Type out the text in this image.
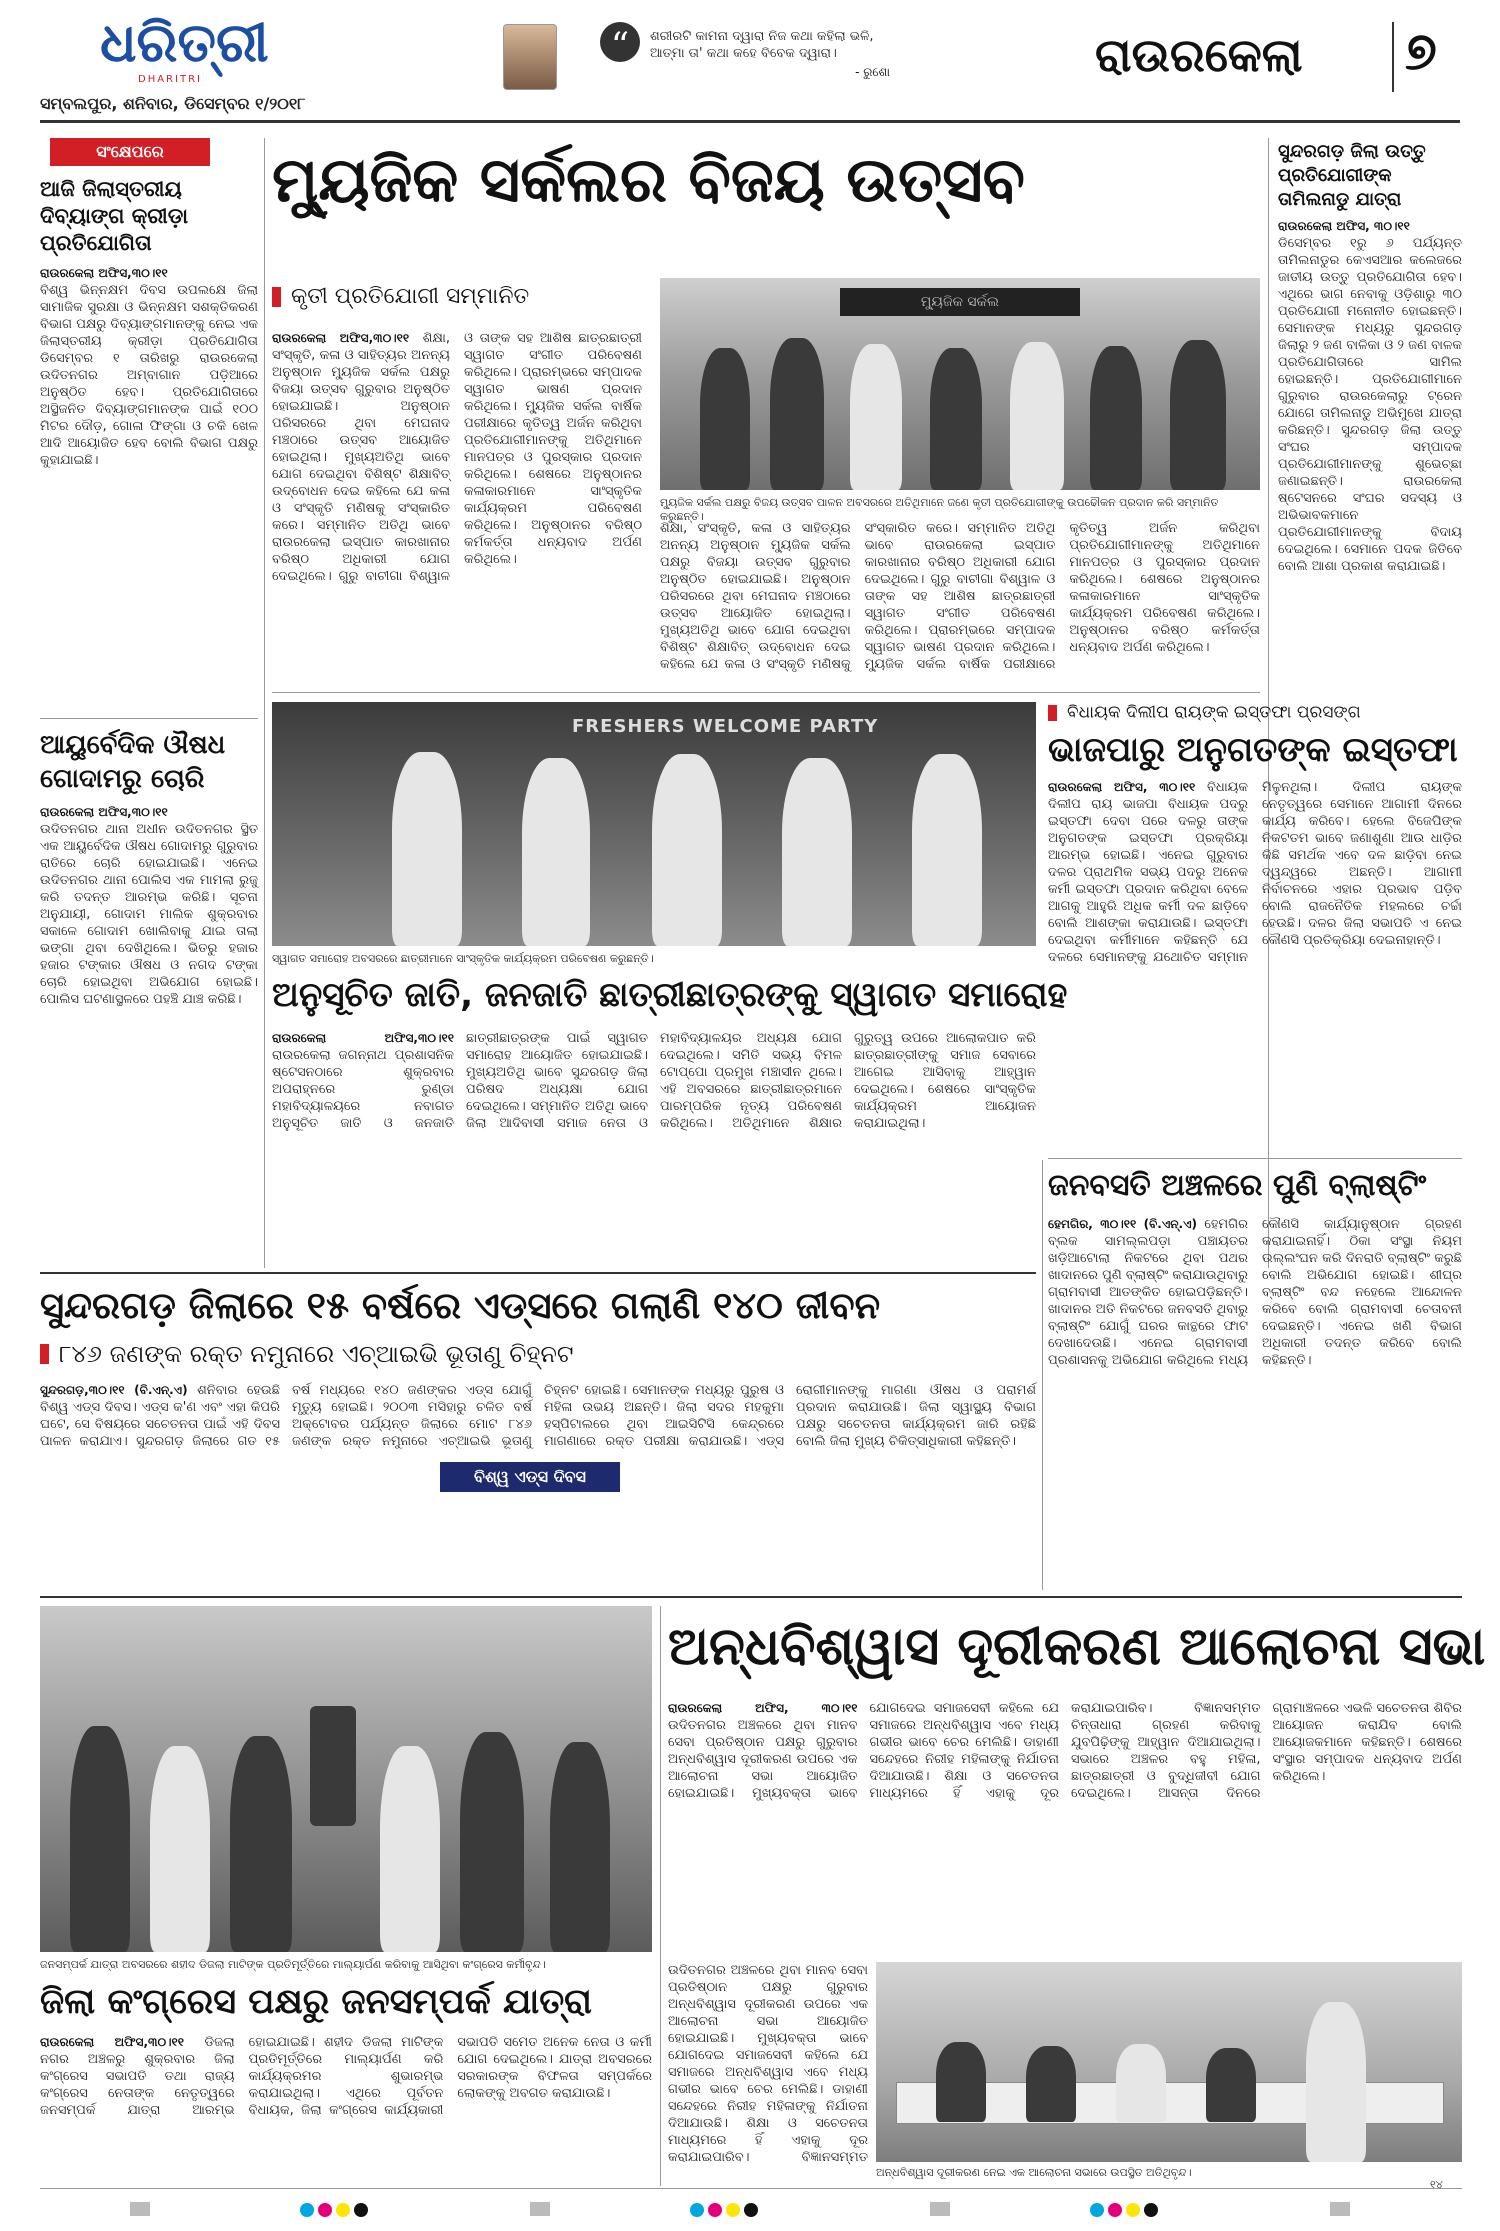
ଧରିତ୍ରୀ
DHARITRI
ସମ୍ବଲପୁର, ଶନିବାର, ଡିସେମ୍ବର ୧/୨୦୧୮
“	ଶରୀରଟି କାମନା ଦ୍ୱାରା ନିଜ କଥା କହିଲା ଭଳି, ଆତ୍ମା ତା' କଥା କହେ ବିବେକ ଦ୍ୱାରା।
- ରୁଶୋ	ରାଉରକେଲା ୭
ସଂକ୍ଷେପରେ
ଆଜି ଜିଲାସ୍ତରୀୟ ଦିବ୍ୟାଙ୍ଗ କ୍ରୀଡ଼ା ପ୍ରତିଯୋଗିତା
ରାଉରକେଲା ଅଫିସ,୩୦।୧୧
ବିଶ୍ୱ ଭିନ୍ନକ୍ଷମ ଦିବସ ଉପଲକ୍ଷେ ଜିଲା ସାମାଜିକ ସୁରକ୍ଷା ଓ ଭିନ୍ନକ୍ଷମ ସଶକ୍ତିକରଣ ବିଭାଗ ପକ୍ଷରୁ ଦିବ୍ୟାଙ୍ଗମାନଙ୍କୁ ନେଇ ଏକ ଜିଲାସ୍ତରୀୟ କ୍ରୀଡ଼ା ପ୍ରତିଯୋଗିତା ଡିସେମ୍ବର ୧ ତାରିଖରୁ ରାଉରକେଲା ଉଦିତନଗର ଅମ୍ବାଗାନ ପଡ଼ିଆରେ ଅନୁଷ୍ଠିତ ହେବ। ପ୍ରତିଯୋଗିତାରେ ଅସ୍ଥିଜନିତ ଦିବ୍ୟାଙ୍ଗମାନଙ୍କ ପାଇଁ ୧୦୦ ମିଟର ଦୌଡ଼, ଗୋଳା ଫିଙ୍ଗା ଓ ଚକି ଖେଳ ଆଦି ଆୟୋଜିତ ହେବ ବୋଲି ବିଭାଗ ପକ୍ଷରୁ କୁହାଯାଇଛି।
ଆୟୁର୍ବେଦିକ ଔଷଧ ଗୋଦାମରୁ ଚୋରି
ରାଉରକେଲା ଅଫିସ,୩୦।୧୧
ଉଦିତନଗର ଥାନା ଅଧୀନ ଉଦିତନଗର ସ୍ଥିତ ଏକ ଆୟୁର୍ବେଦିକ ଔଷଧ ଗୋଦାମରୁ ଗୁରୁବାର ରାତିରେ ଚୋରି ହୋଇଯାଇଛି। ଏନେଇ ଉଦିତନଗର ଥାନା ପୋଲିସ ଏକ ମାମଲା ରୁଜୁ କରି ତଦନ୍ତ ଆରମ୍ଭ କରିଛି। ସୂଚନା ଅନୁଯାୟୀ, ଗୋଦାମ ମାଲିକ ଶୁକ୍ରବାର ସକାଳେ ଗୋଦାମ ଖୋଲିବାକୁ ଯାଇ ତାଲା ଭଙ୍ଗା ଥିବା ଦେଖିଥିଲେ। ଭିତରୁ ହଜାର ହଜାର ଟଙ୍କାର ଔଷଧ ଓ ନଗଦ ଟଙ୍କା ଚୋରି ହୋଇଥିବା ଅଭିଯୋଗ ହୋଇଛି। ପୋଲିସ ଘଟଣାସ୍ଥଳରେ ପହଞ୍ଚି ଯାଞ୍ଚ କରିଛି।
ମ୍ୟୁଜିକ ସର୍କଲର ବିଜୟ ଉତ୍ସବ
କୃତୀ ପ୍ରତିଯୋଗୀ ସମ୍ମାନିତ
ରାଉରକେଲା ଅଫିସ,୩୦।୧୧ ଶିକ୍ଷା, ସଂସ୍କୃତି, କଳା ଓ ସାହିତ୍ୟର ଅନନ୍ୟ ଅନୁଷ୍ଠାନ ମ୍ୟୁଜିକ ସର୍କଲ ପକ୍ଷରୁ ବିଜୟା ଉତ୍ସବ ଗୁରୁବାର ଅନୁଷ୍ଠିତ ହୋଇଯାଇଛି। ଅନୁଷ୍ଠାନ ପରିସରରେ ଥିବା ମେଘନାଦ ମଞ୍ଚଠାରେ ଉତ୍ସବ ଆୟୋଜିତ ହୋଇଥିଲା। ମୁଖ୍ୟଅତିଥି ଭାବେ ଯୋଗ ଦେଇଥିବା ବିଶିଷ୍ଟ ଶିକ୍ଷାବିତ୍ ଉଦ୍ବୋଧନ ଦେଇ କହିଲେ ଯେ କଳା ଓ ସଂସ୍କୃତି ମଣିଷକୁ ସଂସ୍କାରିତ କରେ। ସମ୍ମାନିତ ଅତିଥି ଭାବେ ରାଉରକେଲା ଇସ୍ପାତ କାରଖାନାର ବରିଷ୍ଠ ଅଧିକାରୀ ଯୋଗ ଦେଇଥିଲେ। ଗୁରୁ ବାଚୀଗା ବିଶ୍ୱାଳ ଓ ତାଙ୍କ ସହ ଆଶିଷ ଛାତ୍ରଛାତ୍ରୀ ସ୍ୱାଗତ ସଂଗୀତ ପରିବେଷଣ କରିଥିଲେ। ପ୍ରାରମ୍ଭରେ ସମ୍ପାଦକ ସ୍ୱାଗତ ଭାଷଣ ପ୍ରଦାନ କରିଥିଲେ। ମ୍ୟୁଜିକ ସର୍କଲ ବାର୍ଷିକ ପରୀକ୍ଷାରେ କୃତିତ୍ୱ ଅର୍ଜନ କରିଥିବା ପ୍ରତିଯୋଗୀମାନଙ୍କୁ ଅତିଥିମାନେ ମାନପତ୍ର ଓ ପୁରସ୍କାର ପ୍ରଦାନ କରିଥିଲେ। ଶେଷରେ ଅନୁଷ୍ଠାନର କଳାକାରମାନେ ସାଂସ୍କୃତିକ କାର୍ଯ୍ୟକ୍ରମ ପରିବେଷଣ କରିଥିଲେ। ଅନୁଷ୍ଠାନର ବରିଷ୍ଠ କର୍ମକର୍ତ୍ତା ଧନ୍ୟବାଦ ଅର୍ପଣ କରିଥିଲେ।
ମ୍ୟୁଜିକ ସର୍କଲ
ମ୍ୟୁଜିକ ସର୍କଲ ପକ୍ଷରୁ ବିଜୟ ଉତ୍ସବ ପାଳନ ଅବସରରେ ଅତିଥିମାନେ ଜଣେ କୃତୀ ପ୍ରତିଯୋଗୀଙ୍କୁ ଉପଢୌକନ ପ୍ରଦାନ କରି ସମ୍ମାନିତ କରୁଛନ୍ତି।
ଶିକ୍ଷା, ସଂସ୍କୃତି, କଳା ଓ ସାହିତ୍ୟର ଅନନ୍ୟ ଅନୁଷ୍ଠାନ ମ୍ୟୁଜିକ ସର୍କଲ ପକ୍ଷରୁ ବିଜୟା ଉତ୍ସବ ଗୁରୁବାର ଅନୁଷ୍ଠିତ ହୋଇଯାଇଛି। ଅନୁଷ୍ଠାନ ପରିସରରେ ଥିବା ମେଘନାଦ ମଞ୍ଚଠାରେ ଉତ୍ସବ ଆୟୋଜିତ ହୋଇଥିଲା। ମୁଖ୍ୟଅତିଥି ଭାବେ ଯୋଗ ଦେଇଥିବା ବିଶିଷ୍ଟ ଶିକ୍ଷାବିତ୍ ଉଦ୍ବୋଧନ ଦେଇ କହିଲେ ଯେ କଳା ଓ ସଂସ୍କୃତି ମଣିଷକୁ ସଂସ୍କାରିତ କରେ। ସମ୍ମାନିତ ଅତିଥି ଭାବେ ରାଉରକେଲା ଇସ୍ପାତ କାରଖାନାର ବରିଷ୍ଠ ଅଧିକାରୀ ଯୋଗ ଦେଇଥିଲେ। ଗୁରୁ ବାଚୀଗା ବିଶ୍ୱାଳ ଓ ତାଙ୍କ ସହ ଆଶିଷ ଛାତ୍ରଛାତ୍ରୀ ସ୍ୱାଗତ ସଂଗୀତ ପରିବେଷଣ କରିଥିଲେ। ପ୍ରାରମ୍ଭରେ ସମ୍ପାଦକ ସ୍ୱାଗତ ଭାଷଣ ପ୍ରଦାନ କରିଥିଲେ। ମ୍ୟୁଜିକ ସର୍କଲ ବାର୍ଷିକ ପରୀକ୍ଷାରେ କୃତିତ୍ୱ ଅର୍ଜନ କରିଥିବା ପ୍ରତିଯୋଗୀମାନଙ୍କୁ ଅତିଥିମାନେ ମାନପତ୍ର ଓ ପୁରସ୍କାର ପ୍ରଦାନ କରିଥିଲେ। ଶେଷରେ ଅନୁଷ୍ଠାନର କଳାକାରମାନେ ସାଂସ୍କୃତିକ କାର୍ଯ୍ୟକ୍ରମ ପରିବେଷଣ କରିଥିଲେ। ଅନୁଷ୍ଠାନର ବରିଷ୍ଠ କର୍ମକର୍ତ୍ତା ଧନ୍ୟବାଦ ଅର୍ପଣ କରିଥିଲେ।
ସୁନ୍ଦରଗଡ଼ ଜିଲା ଉତ୍ତୁ ପ୍ରତିଯୋଗୀଙ୍କ ତାମିଲନାଡୁ ଯାତ୍ରା
ରାଉରକେଲା ଅଫିସ, ୩୦।୧୧
ଡିସେମ୍ବର ୧ରୁ ୬ ପର୍ଯ୍ୟନ୍ତ ତାମିଲନାଡୁର କେଏସଆର କଲେଜରେ ଜାତୀୟ ଉତ୍ତୁ ପ୍ରତିଯୋଗିତା ହେବ। ଏଥିରେ ଭାଗ ନେବାକୁ ଓଡ଼ିଶାରୁ ୩୦ ପ୍ରତିଯୋଗୀ ମନୋନୀତ ହୋଇଛନ୍ତି। ସେମାନଙ୍କ ମଧ୍ୟରୁ ସୁନ୍ଦରଗଡ଼ ଜିଲାରୁ ୨ ଜଣ ବାଳିକା ଓ ୨ ଜଣ ବାଳକ ପ୍ରତିଯୋଗିତାରେ ସାମିଲ ହୋଇଛନ୍ତି। ପ୍ରତିଯୋଗୀମାନେ ଗୁରୁବାର ରାଉରକେଲାରୁ ଟ୍ରେନ ଯୋଗେ ତାମିଲନାଡୁ ଅଭିମୁଖେ ଯାତ୍ରା କରିଛନ୍ତି। ସୁନ୍ଦରଗଡ଼ ଜିଲା ଉତ୍ତୁ ସଂଘର ସମ୍ପାଦକ ପ୍ରତିଯୋଗୀମାନଙ୍କୁ ଶୁଭେଚ୍ଛା ଜଣାଇଛନ୍ତି। ରାଉରକେଲା ଷ୍ଟେସନରେ ସଂଘର ସଦସ୍ୟ ଓ ଅଭିଭାବକମାନେ ପ୍ରତିଯୋଗୀମାନଙ୍କୁ ବିଦାୟ ଦେଇଥିଲେ। ସେମାନେ ପଦକ ଜିତିବେ ବୋଲି ଆଶା ପ୍ରକାଶ କରାଯାଇଛି।
FRESHERS WELCOME PARTY
ସ୍ୱାଗତ ସମାରୋହ ଅବସରରେ ଛାତ୍ରୀମାନେ ସାଂସ୍କୃତିକ କାର୍ଯ୍ୟକ୍ରମ ପରିବେଷଣ କରୁଛନ୍ତି।
ବିଧାୟକ ଦିଲୀପ ରାୟଙ୍କ ଇସ୍ତଫା ପ୍ରସଙ୍ଗ
ଭାଜପାରୁ ଅନୁଗତଙ୍କ ଇସ୍ତଫା
ରାଉରକେଲା ଅଫିସ, ୩୦।୧୧ ବିଧାୟକ ଦିଲୀପ ରାୟ ଭାଜପା ବିଧାୟକ ପଦରୁ ଇସ୍ତଫା ଦେବା ପରେ ଦଳରୁ ତାଙ୍କ ଅନୁଗତଙ୍କ ଇସ୍ତଫା ପ୍ରକ୍ରିୟା ଆରମ୍ଭ ହୋଇଛି। ଏନେଇ ଗୁରୁବାର ଦଳର ପ୍ରାଥମିକ ସଭ୍ୟ ପଦରୁ ଅନେକ କର୍ମୀ ଇସ୍ତଫା ପ୍ରଦାନ କରିଥିବା ବେଳେ ଆଗକୁ ଆହୁରି ଅଧିକ କର୍ମୀ ଦଳ ଛାଡ଼ିବେ ବୋଲି ଆଶଙ୍କା କରାଯାଉଛି। ଇସ୍ତଫା ଦେଇଥିବା କର୍ମୀମାନେ କହିଛନ୍ତି ଯେ ଦଳରେ ସେମାନଙ୍କୁ ଯଥୋଚିତ ସମ୍ମାନ ମିଳୁନଥିଲା। ଦିଲୀପ ରାୟଙ୍କ ନେତୃତ୍ୱରେ ସେମାନେ ଆଗାମୀ ଦିନରେ କାର୍ଯ୍ୟ କରିବେ। ହେଲେ ବିଜେପିଙ୍କ ନିକଟତମ ଭାବେ ଜଣାଶୁଣା ଆଉ ଧାଡ଼ିର କିଛି ସମର୍ଥକ ଏବେ ଦଳ ଛାଡ଼ିବା ନେଇ ଦ୍ୱନ୍ଦ୍ୱରେ ଅଛନ୍ତି। ଆଗାମୀ ନିର୍ବାଚନରେ ଏହାର ପ୍ରଭାବ ପଡ଼ିବ ବୋଲି ରାଜନୈତିକ ମହଲରେ ଚର୍ଚ୍ଚା ହେଉଛି। ଦଳର ଜିଲା ସଭାପତି ଏ ନେଇ କୌଣସି ପ୍ରତିକ୍ରିୟା ଦେଇନାହାନ୍ତି।
ଅନୁସୂଚିତ ଜାତି, ଜନଜାତି ଛାତ୍ରୀଛାତ୍ରଙ୍କୁ ସ୍ୱାଗତ ସମାରୋହ
ରାଉରକେଲା ଅଫିସ,୩୦।୧୧ ରାଉରକେଲା ଜଗନ୍ନାଥ ପ୍ରଶାସନିକ ଷ୍ଟେସନଠାରେ ଶୁକ୍ରବାର ଅପରାହ୍ନରେ ରୁଣ୍ଡା ମହାବିଦ୍ୟାଳୟରେ ନବାଗତ ଅନୁସୂଚିତ ଜାତି ଓ ଜନଜାତି ଛାତ୍ରୀଛାତ୍ରଙ୍କ ପାଇଁ ସ୍ୱାଗତ ସମାରୋହ ଆୟୋଜିତ ହୋଇଯାଇଛି। ମୁଖ୍ୟଅତିଥି ଭାବେ ସୁନ୍ଦରଗଡ଼ ଜିଲା ପରିଷଦ ଅଧ୍ୟକ୍ଷା ଯୋଗ ଦେଇଥିଲେ। ସମ୍ମାନିତ ଅତିଥି ଭାବେ ଜିଲା ଆଦିବାସୀ ସମାଜ ନେତା ଓ ମହାବିଦ୍ୟାଳୟର ଅଧ୍ୟକ୍ଷ ଯୋଗ ଦେଇଥିଲେ। ସମିତି ସଭ୍ୟ ବିମଳ ଟୋପ୍ପୋ ପ୍ରମୁଖ ମଞ୍ଚାସୀନ ଥିଲେ। ଏହି ଅବସରରେ ଛାତ୍ରୀଛାତ୍ରମାନେ ପାରମ୍ପରିକ ନୃତ୍ୟ ପରିବେଷଣ କରିଥିଲେ। ଅତିଥିମାନେ ଶିକ୍ଷାର ଗୁରୁତ୍ୱ ଉପରେ ଆଲୋକପାତ କରି ଛାତ୍ରଛାତ୍ରୀଙ୍କୁ ସମାଜ ସେବାରେ ଆଗେଇ ଆସିବାକୁ ଆହ୍ୱାନ ଦେଇଥିଲେ। ଶେଷରେ ସାଂସ୍କୃତିକ କାର୍ଯ୍ୟକ୍ରମ ଆୟୋଜନ କରାଯାଇଥିଲା।
ଜନବସତି ଅଞ୍ଚଳରେ ପୁଣି ବ୍ଲାଷ୍ଟିଂ
ହେମଗିର, ୩୦।୧୧ (ବି.ଏନ୍.ଏ) ହେମଗିର ବ୍ଲକ ସାମଲ୍ଲପଡ଼ା ପଞ୍ଚାୟତର ଖଡ଼ିଆଟୋଲା ନିକଟରେ ଥିବା ପଥର ଖାଦାନରେ ପୁଣି ବ୍ଲାଷ୍ଟିଂ କରାଯାଉଥିବାରୁ ଗ୍ରାମବାସୀ ଆତଙ୍କିତ ହୋଇପଡ଼ିଛନ୍ତି। ଖାଦାନର ଅତି ନିକଟରେ ଜନବସତି ଥିବାରୁ ବ୍ଲାଷ୍ଟିଂ ଯୋଗୁଁ ଘରର କାନ୍ଥରେ ଫାଟ ଦେଖାଦେଉଛି। ଏନେଇ ଗ୍ରାମବାସୀ ପ୍ରଶାସନକୁ ଅଭିଯୋଗ କରିଥିଲେ ମଧ୍ୟ କୌଣସି କାର୍ଯ୍ୟାନୁଷ୍ଠାନ ଗ୍ରହଣ କରାଯାଇନାହିଁ। ଠିକା ସଂସ୍ଥା ନିୟମ ଉଲ୍ଲଂଘନ କରି ଦିନରାତି ବ୍ଲାଷ୍ଟିଂ କରୁଛି ବୋଲି ଅଭିଯୋଗ ହୋଇଛି। ଶୀଘ୍ର ବ୍ଲାଷ୍ଟିଂ ବନ୍ଦ ନହେଲେ ଆନ୍ଦୋଳନ କରିବେ ବୋଲି ଗ୍ରାମବାସୀ ଚେତାବନୀ ଦେଇଛନ୍ତି। ଏନେଇ ଖଣି ବିଭାଗ ଅଧିକାରୀ ତଦନ୍ତ କରିବେ ବୋଲି କହିଛନ୍ତି।
ସୁନ୍ଦରଗଡ଼ ଜିଲାରେ ୧୫ ବର୍ଷରେ ଏଡ୍ସରେ ଗଲାଣି ୧୪୦ ଜୀବନ
୮୪୬ ଜଣଙ୍କ ରକ୍ତ ନମୁନାରେ ଏଚ୍ଆଇଭି ଭୂତାଣୁ ଚିହ୍ନଟ
ବିଶ୍ୱ ଏଡ୍ସ ଦିବସ
ସୁନ୍ଦରଗଡ଼,୩୦।୧୧ (ବି.ଏନ୍.ଏ) ଶନିବାର ହେଉଛି ବିଶ୍ୱ ଏଡ୍ସ ଦିବସ। ଏଡ୍ସ କ'ଣ ଏବଂ ଏହା କିପରି ଘଟେ, ସେ ବିଷୟରେ ସଚେତନତା ପାଇଁ ଏହି ଦିବସ ପାଳନ କରାଯାଏ। ସୁନ୍ଦରଗଡ଼ ଜିଲାରେ ଗତ ୧୫ ବର୍ଷ ମଧ୍ୟରେ ୧୪୦ ଜଣଙ୍କର ଏଡ୍ସ ଯୋଗୁଁ ମୃତ୍ୟୁ ହୋଇଛି। ୨୦୦୩ ମସିହାରୁ ଚଳିତ ବର୍ଷ ଅକ୍ଟୋବର ପର୍ଯ୍ୟନ୍ତ ଜିଲାରେ ମୋଟ ୮୪୬ ଜଣଙ୍କ ରକ୍ତ ନମୁନାରେ ଏଚ୍ଆଇଭି ଭୂତାଣୁ ଚିହ୍ନଟ ହୋଇଛି। ସେମାନଙ୍କ ମଧ୍ୟରୁ ପୁରୁଷ ଓ ମହିଳା ଉଭୟ ଅଛନ୍ତି। ଜିଲା ସଦର ମହକୁମା ହସ୍ପିଟାଲରେ ଥିବା ଆଇସିଟିସି କେନ୍ଦ୍ରରେ ମାଗଣାରେ ରକ୍ତ ପରୀକ୍ଷା କରାଯାଉଛି। ଏଡ୍ସ ରୋଗୀମାନଙ୍କୁ ମାଗଣା ଔଷଧ ଓ ପରାମର୍ଶ ପ୍ରଦାନ କରାଯାଉଛି। ଜିଲା ସ୍ୱାସ୍ଥ୍ୟ ବିଭାଗ ପକ୍ଷରୁ ସଚେତନତା କାର୍ଯ୍ୟକ୍ରମ ଜାରି ରହିଛି ବୋଲି ଜିଲା ମୁଖ୍ୟ ଚିକିତ୍ସାଧିକାରୀ କହିଛନ୍ତି।
ଜନସମ୍ପର୍କ ଯାତ୍ରା ଅବସରରେ ଶହୀଦ ଡିଜଲା ମାଟିଙ୍କ ପ୍ରତିମୂର୍ତ୍ତିରେ ମାଲ୍ୟାର୍ପଣ କରିବାକୁ ଆସିଥିବା କଂଗ୍ରେସ କର୍ମୀବୃନ୍ଦ।
ଜିଲା କଂଗ୍ରେସ ପକ୍ଷରୁ ଜନସମ୍ପର୍କ ଯାତ୍ରା
ରାଉରକେଲା ଅଫିସ,୩୦।୧୧ ଡିଜଲା ନଗର ଅଞ୍ଚଳରୁ ଶୁକ୍ରବାର ଜିଲା କଂଗ୍ରେସ ସଭାପତି ତଥା ରାଜ୍ୟ କଂଗ୍ରେସ ନେତାଙ୍କ ନେତୃତ୍ୱରେ ଜନସମ୍ପର୍କ ଯାତ୍ରା ଆରମ୍ଭ ହୋଇଯାଇଛି। ଶହୀଦ ଡିଜଲା ମାଟିଙ୍କ ପ୍ରତିମୂର୍ତ୍ତିରେ ମାଲ୍ୟାର୍ପଣ କରି କାର୍ଯ୍ୟକ୍ରମର ଶୁଭାରମ୍ଭ କରାଯାଇଥିଲା। ଏଥିରେ ପୂର୍ବତନ ବିଧାୟକ, ଜିଲା କଂଗ୍ରେସ କାର୍ଯ୍ୟକାରୀ ସଭାପତି ସମେତ ଅନେକ ନେତା ଓ କର୍ମୀ ଯୋଗ ଦେଇଥିଲେ। ଯାତ୍ରା ଅବସରରେ ସରକାରଙ୍କ ବିଫଳତା ସମ୍ପର୍କରେ ଲୋକଙ୍କୁ ଅବଗତ କରାଯାଉଛି।
ଅନ୍ଧବିଶ୍ୱାସ ଦୂରୀକରଣ ଆଲୋଚନା ସଭା
ରାଉରକେଲା ଅଫିସ, ୩୦।୧୧ ଉଦିତନଗର ଅଞ୍ଚଳରେ ଥିବା ମାନବ ସେବା ପ୍ରତିଷ୍ଠାନ ପକ୍ଷରୁ ଗୁରୁବାର ଅନ୍ଧବିଶ୍ୱାସ ଦୂରୀକରଣ ଉପରେ ଏକ ଆଲୋଚନା ସଭା ଆୟୋଜିତ ହୋଇଯାଇଛି। ମୁଖ୍ୟବକ୍ତା ଭାବେ ଯୋଗଦେଇ ସମାଜସେବୀ କହିଲେ ଯେ ସମାଜରେ ଅନ୍ଧବିଶ୍ୱାସ ଏବେ ମଧ୍ୟ ଗଭୀର ଭାବେ ଚେର ମେଲିଛି। ଡାହାଣୀ ସନ୍ଦେହରେ ନିରୀହ ମହିଳାଙ୍କୁ ନିର୍ଯାତନା ଦିଆଯାଉଛି। ଶିକ୍ଷା ଓ ସଚେତନତା ମାଧ୍ୟମରେ ହିଁ ଏହାକୁ ଦୂର କରାଯାଇପାରିବ। ବିଜ୍ଞାନସମ୍ମତ ଚିନ୍ତାଧାରା ଗ୍ରହଣ କରିବାକୁ ଯୁବପିଢ଼ିଙ୍କୁ ଆହ୍ୱାନ ଦିଆଯାଇଥିଲା। ସଭାରେ ଅଞ୍ଚଳର ବହୁ ମହିଳା, ଛାତ୍ରଛାତ୍ରୀ ଓ ବୁଦ୍ଧିଜୀବୀ ଯୋଗ ଦେଇଥିଲେ। ଆସନ୍ତା ଦିନରେ ଗ୍ରାମାଞ୍ଚଳରେ ଏଭଳି ସଚେତନତା ଶିବିର ଆୟୋଜନ କରାଯିବ ବୋଲି ଆୟୋଜକମାନେ କହିଛନ୍ତି। ଶେଷରେ ସଂସ୍ଥାର ସମ୍ପାଦକ ଧନ୍ୟବାଦ ଅର୍ପଣ କରିଥିଲେ।
ଉଦିତନଗର ଅଞ୍ଚଳରେ ଥିବା ମାନବ ସେବା ପ୍ରତିଷ୍ଠାନ ପକ୍ଷରୁ ଗୁରୁବାର ଅନ୍ଧବିଶ୍ୱାସ ଦୂରୀକରଣ ଉପରେ ଏକ ଆଲୋଚନା ସଭା ଆୟୋଜିତ ହୋଇଯାଇଛି। ମୁଖ୍ୟବକ୍ତା ଭାବେ ଯୋଗଦେଇ ସମାଜସେବୀ କହିଲେ ଯେ ସମାଜରେ ଅନ୍ଧବିଶ୍ୱାସ ଏବେ ମଧ୍ୟ ଗଭୀର ଭାବେ ଚେର ମେଲିଛି। ଡାହାଣୀ ସନ୍ଦେହରେ ନିରୀହ ମହିଳାଙ୍କୁ ନିର୍ଯାତନା ଦିଆଯାଉଛି। ଶିକ୍ଷା ଓ ସଚେତନତା ମାଧ୍ୟମରେ ହିଁ ଏହାକୁ ଦୂର କରାଯାଇପାରିବ। ବିଜ୍ଞାନସମ୍ମତ
ଅନ୍ଧବିଶ୍ୱାସ ଦୂରୀକରଣ ନେଇ ଏକ ଆଲୋଚନା ସଭାରେ ଉପସ୍ଥିତ ଅତିଥିବୃନ୍ଦ।
୧୪
